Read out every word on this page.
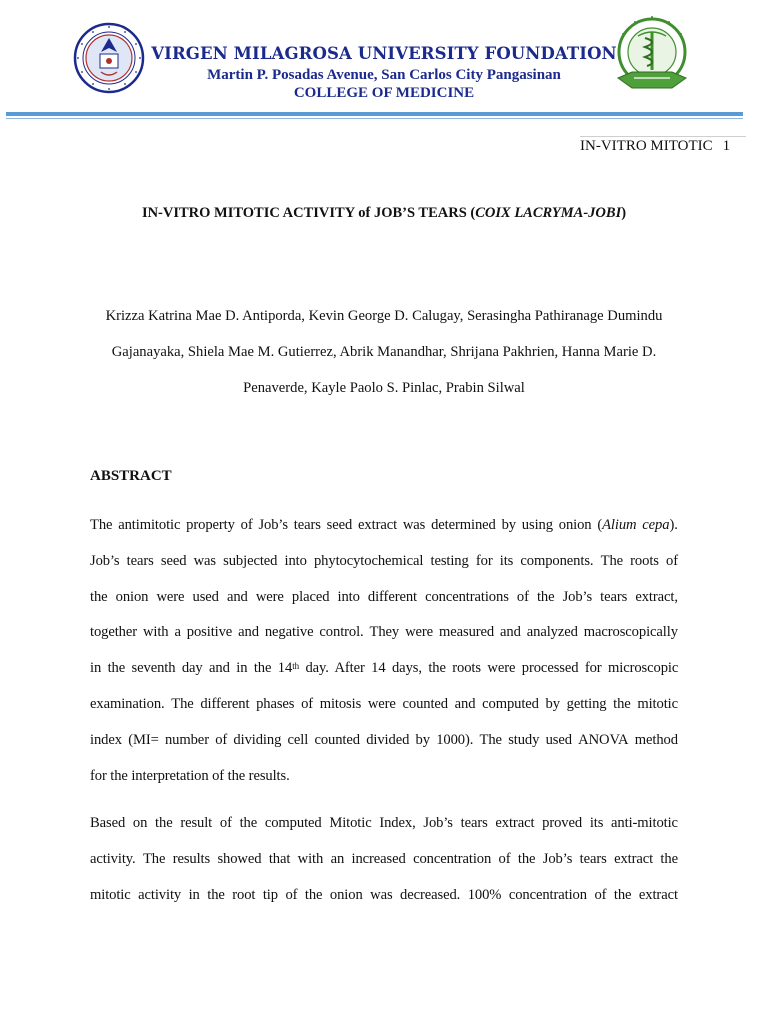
VIRGEN MILAGROSA UNIVERSITY FOUNDATION
Martin P. Posadas Avenue, San Carlos City Pangasinan
COLLEGE OF MEDICINE
IN-VITRO MITOTIC 1
IN-VITRO MITOTIC ACTIVITY of JOB’S TEARS (COIX LACRYMA-JOBI)
Krizza Katrina Mae D. Antiporda, Kevin George D. Calugay, Serasingha Pathiranage Dumindu
Gajanayaka, Shiela Mae M. Gutierrez, Abrik Manandhar, Shrijana Pakhrien, Hanna Marie D.
Penaverde, Kayle Paolo S. Pinlac, Prabin Silwal
ABSTRACT
The antimitotic property of Job’s tears seed extract was determined by using onion (Alium cepa).
Job’s tears seed was subjected into phytocytochemical testing for its components. The roots of
the onion were used and were placed into different concentrations of the Job’s tears extract,
together with a positive and negative control. They were measured and analyzed macroscopically
in the seventh day and in the 14th day. After 14 days, the roots were processed for microscopic
examination. The different phases of mitosis were counted and computed by getting the mitotic
index (MI= number of dividing cell counted divided by 1000). The study used ANOVA method
for the interpretation of the results.
Based on the result of the computed Mitotic Index, Job’s tears extract proved its anti-mitotic
activity. The results showed that with an increased concentration of the Job’s tears extract the
mitotic activity in the root tip of the onion was decreased. 100% concentration of the extract
